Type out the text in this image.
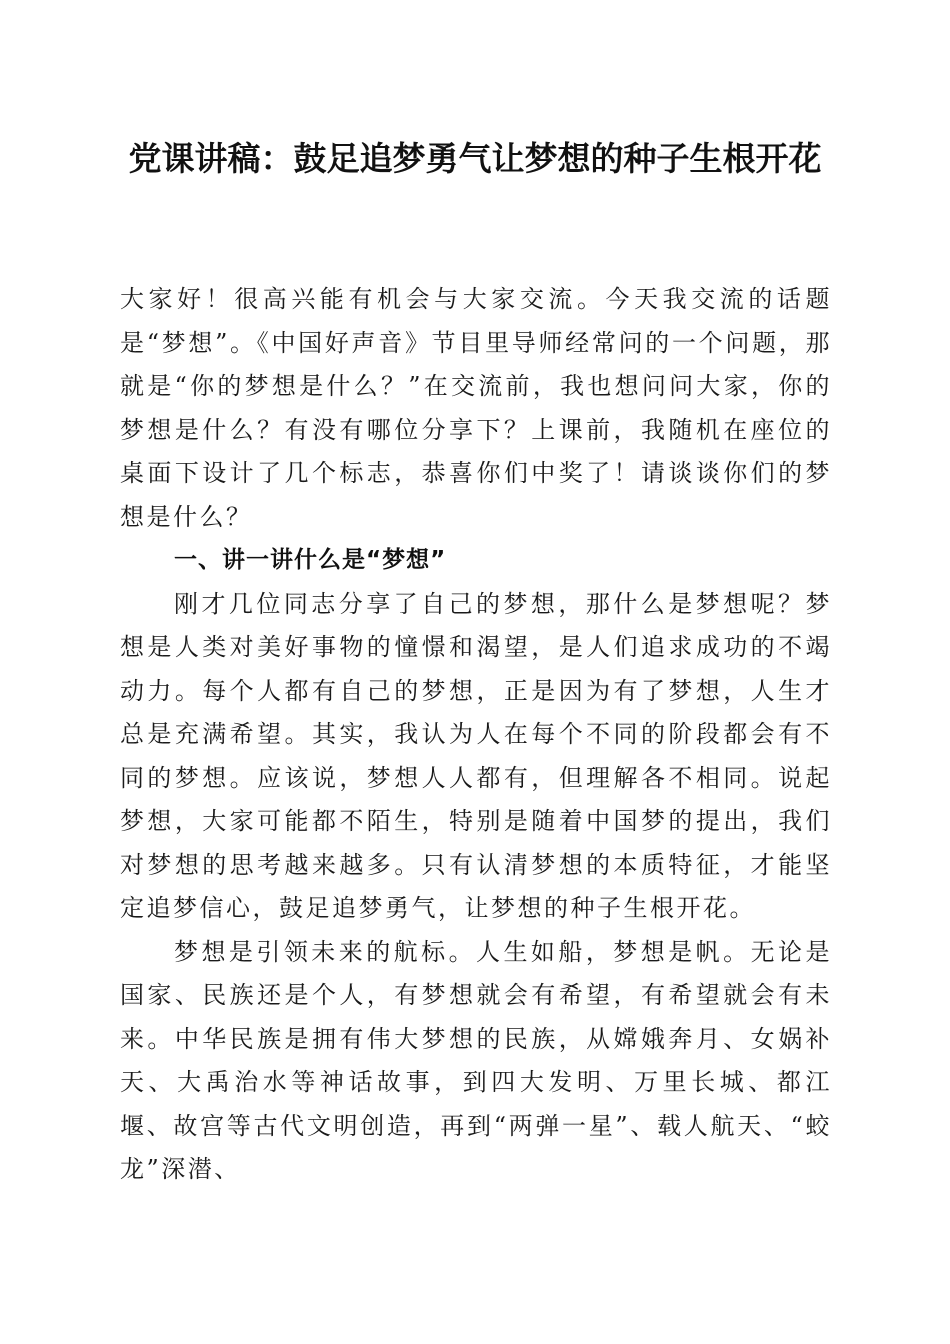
党课讲稿：鼓足追梦勇气让梦想的种子生根开花

大家好！很高兴能有机会与大家交流。今天我交流的话题是“梦想”。《中国好声音》节目里导师经常问的一个问题，那就是“你的梦想是什么？”在交流前，我也想问问大家，你的梦想是什么？有没有哪位分享下？上课前，我随机在座位的桌面下设计了几个标志，恭喜你们中奖了！请谈谈你们的梦想是什么？

一、讲一讲什么是“梦想”

刚才几位同志分享了自己的梦想，那什么是梦想呢？梦想是人类对美好事物的憧憬和渴望，是人们追求成功的不竭动力。每个人都有自己的梦想，正是因为有了梦想，人生才总是充满希望。其实，我认为人在每个不同的阶段都会有不同的梦想。应该说，梦想人人都有，但理解各不相同。说起梦想，大家可能都不陌生，特别是随着中国梦的提出，我们对梦想的思考越来越多。只有认清梦想的本质特征，才能坚定追梦信心，鼓足追梦勇气，让梦想的种子生根开花。

梦想是引领未来的航标。人生如船，梦想是帆。无论是国家、民族还是个人，有梦想就会有希望，有希望就会有未来。中华民族是拥有伟大梦想的民族，从嫦娥奔月、女娲补天、大禹治水等神话故事，到四大发明、万里长城、都江堰、故宫等古代文明创造，再到“两弹一星”、载人航天、“蛟龙”深潜、
